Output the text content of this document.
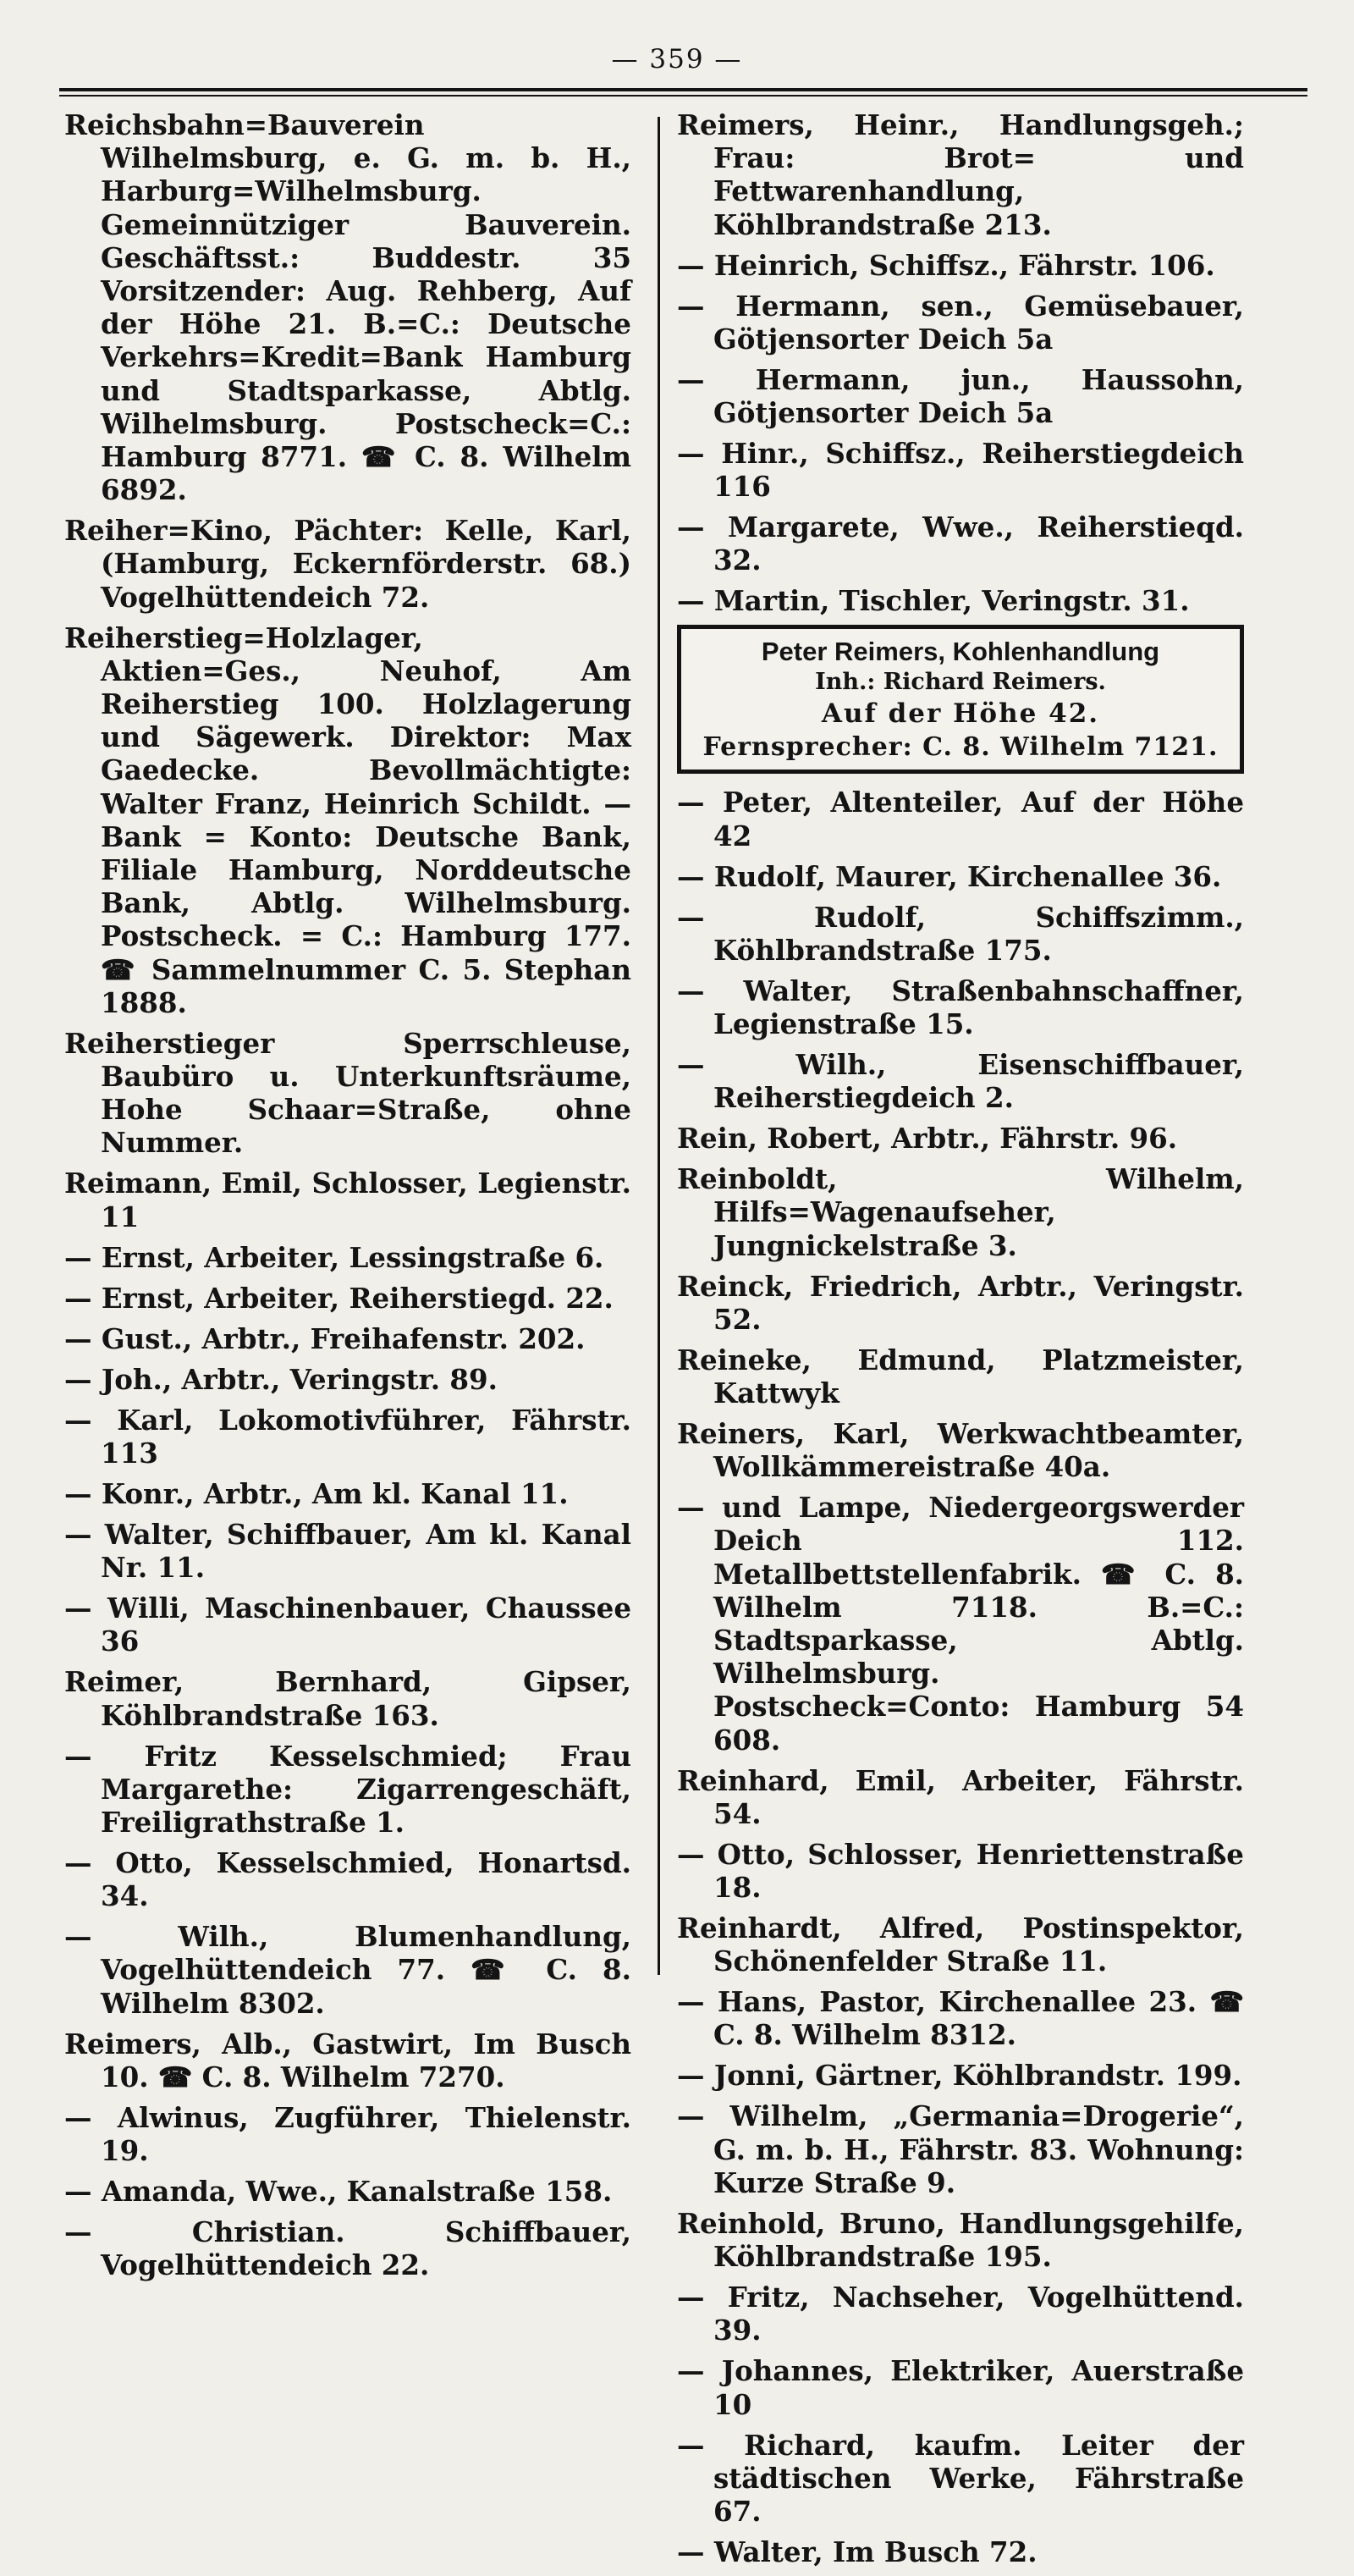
— 359 —

Reichsbahn=Bauverein Wilhelmsburg, e. G. m. b. H., Harburg=Wilhelmsburg. Gemeinnütziger Bauverein. Geschäftsst.: Buddestr. 35 Vorsitzender: Aug. Rehberg, Auf der Höhe 21. B.=C.: Deutsche Verkehrs=Kredit=Bank Hamburg und Stadtsparkasse, Abtlg. Wilhelmsburg. Postscheck=C.: Hamburg 8771. ☎ C. 8. Wilhelm 6892.

Reiher=Kino, Pächter: Kelle, Karl, (Hamburg, Eckernförderstr. 68.) Vogelhüttendeich 72.

Reiherstieg=Holzlager, Aktien=Ges., Neuhof, Am Reiherstieg 100. Holzlagerung und Sägewerk. Direktor: Max Gaedecke. Bevollmächtigte: Walter Franz, Heinrich Schildt. — Bank = Konto: Deutsche Bank, Filiale Hamburg, Norddeutsche Bank, Abtlg. Wilhelmsburg. Postscheck. = C.: Hamburg 177. ☎ Sammelnummer C. 5. Stephan 1888.

Reiherstieger Sperrschleuse, Baubüro u. Unterkunftsräume, Hohe Schaar=Straße, ohne Nummer.

Reimann, Emil, Schlosser, Legienstr. 11

— Ernst, Arbeiter, Lessingstraße 6.

— Ernst, Arbeiter, Reiherstiegd. 22.

— Gust., Arbtr., Freihafenstr. 202.

— Joh., Arbtr., Veringstr. 89.

— Karl, Lokomotivführer, Fährstr. 113

— Konr., Arbtr., Am kl. Kanal 11.

— Walter, Schiffbauer, Am kl. Kanal Nr. 11.

— Willi, Maschinenbauer, Chaussee 36

Reimer, Bernhard, Gipser, Köhlbrandstraße 163.

— Fritz Kesselschmied; Frau Margarethe: Zigarrengeschäft, Freiligrathstraße 1.

— Otto, Kesselschmied, Honartsd. 34.

— Wilh., Blumenhandlung, Vogelhüttendeich 77. ☎ C. 8. Wilhelm 8302.

Reimers, Alb., Gastwirt, Im Busch 10. ☎ C. 8. Wilhelm 7270.

— Alwinus, Zugführer, Thielenstr. 19.

— Amanda, Wwe., Kanalstraße 158.

— Christian. Schiffbauer, Vogelhüttendeich 22.

Reimers, Heinr., Handlungsgeh.; Frau: Brot= und Fettwarenhandlung, Köhlbrandstraße 213.

— Heinrich, Schiffsz., Fährstr. 106.

— Hermann, sen., Gemüsebauer, Götjensorter Deich 5a

— Hermann, jun., Haussohn, Götjensorter Deich 5a

— Hinr., Schiffsz., Reiherstiegdeich 116

— Margarete, Wwe., Reiherstieqd. 32.

— Martin, Tischler, Veringstr. 31.

Peter Reimers, Kohlenhandlung
Inh.: Richard Reimers.
Auf der Höhe 42.
Fernsprecher: C. 8. Wilhelm 7121.

— Peter, Altenteiler, Auf der Höhe 42

— Rudolf, Maurer, Kirchenallee 36.

— Rudolf, Schiffszimm., Köhlbrandstraße 175.

— Walter, Straßenbahnschaffner, Legienstraße 15.

— Wilh., Eisenschiffbauer, Reiherstiegdeich 2.

Rein, Robert, Arbtr., Fährstr. 96.

Reinboldt, Wilhelm, Hilfs=Wagenaufseher, Jungnickelstraße 3.

Reinck, Friedrich, Arbtr., Veringstr. 52.

Reineke, Edmund, Platzmeister, Kattwyk

Reiners, Karl, Werkwachtbeamter, Wollkämmereistraße 40a.

— und Lampe, Niedergeorgswerder Deich 112. Metallbettstellenfabrik. ☎ C. 8. Wilhelm 7118. B.=C.: Stadtsparkasse, Abtlg. Wilhelmsburg. Postscheck=Conto: Hamburg 54 608.

Reinhard, Emil, Arbeiter, Fährstr. 54.

— Otto, Schlosser, Henriettenstraße 18.

Reinhardt, Alfred, Postinspektor, Schönenfelder Straße 11.

— Hans, Pastor, Kirchenallee 23. ☎ C. 8. Wilhelm 8312.

— Jonni, Gärtner, Köhlbrandstr. 199.

— Wilhelm, „Germania=Drogerie“, G. m. b. H., Fährstr. 83. Wohnung: Kurze Straße 9.

Reinhold, Bruno, Handlungsgehilfe, Köhlbrandstraße 195.

— Fritz, Nachseher, Vogelhüttend. 39.

— Johannes, Elektriker, Auerstraße 10

— Richard, kaufm. Leiter der städtischen Werke, Fährstraße 67.

— Walter, Im Busch 72.
